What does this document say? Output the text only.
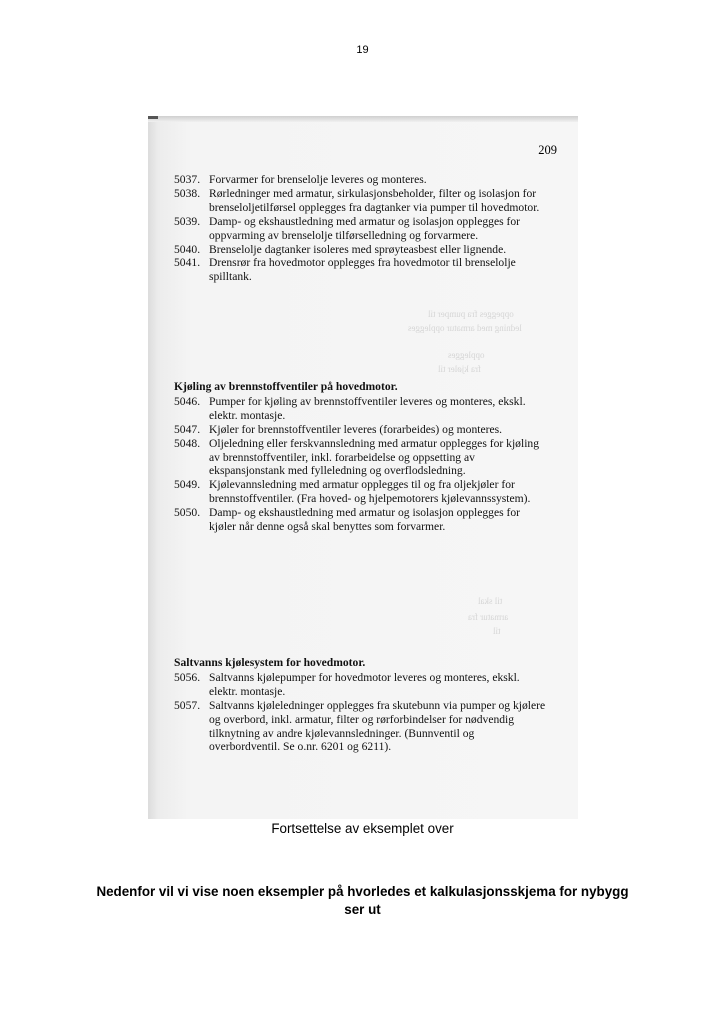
19
oppegges fra pumper til
ledning med armatur opplegges
opplegges
fra kjøler til
til skal
armatur fra
til
209
5037. Forvarmer for brenselolje leveres og monteres.
5038. Rørledninger med armatur, sirkulasjonsbeholder, filter og isolasjon for brenseloljetilførsel opplegges fra dagtanker via pumper til hovedmotor.
5039. Damp- og ekshaustledning med armatur og isolasjon opplegges for oppvarming av brenselolje tilførselledning og forvarmere.
5040. Brenselolje dagtanker isoleres med sprøyteasbest eller lignende.
5041. Drensrør fra hovedmotor opplegges fra hovedmotor til brenselolje spilltank.
Kjøling av brennstoffventiler på hovedmotor.
5046. Pumper for kjøling av brennstoffventiler leveres og monteres, ekskl. elektr. montasje.
5047. Kjøler for brennstoffventiler leveres (forarbeides) og monteres.
5048. Oljeledning eller ferskvannsledning med armatur opplegges for kjøling av brennstoffventiler, inkl. forarbeidelse og oppsetting av ekspansjonstank med fylleledning og overflodsledning.
5049. Kjølevannsledning med armatur opplegges til og fra oljekjøler for brennstoffventiler. (Fra hoved- og hjelpemotorers kjølevannssystem).
5050. Damp- og ekshaustledning med armatur og isolasjon opplegges for kjøler når denne også skal benyttes som forvarmer.
Saltvanns kjølesystem for hovedmotor.
5056. Saltvanns kjølepumper for hovedmotor leveres og monteres, ekskl. elektr. montasje.
5057. Saltvanns kjøleledninger opplegges fra skutebunn via pumper og kjølere og overbord, inkl. armatur, filter og rørforbindelser for nødvendig tilknytning av andre kjølevannsledninger. (Bunnventil og overbordventil. Se o.nr. 6201 og 6211).
Fortsettelse av eksemplet over
Nedenfor vil vi vise noen eksempler på hvorledes et kalkulasjonsskjema for nybygg ser ut
